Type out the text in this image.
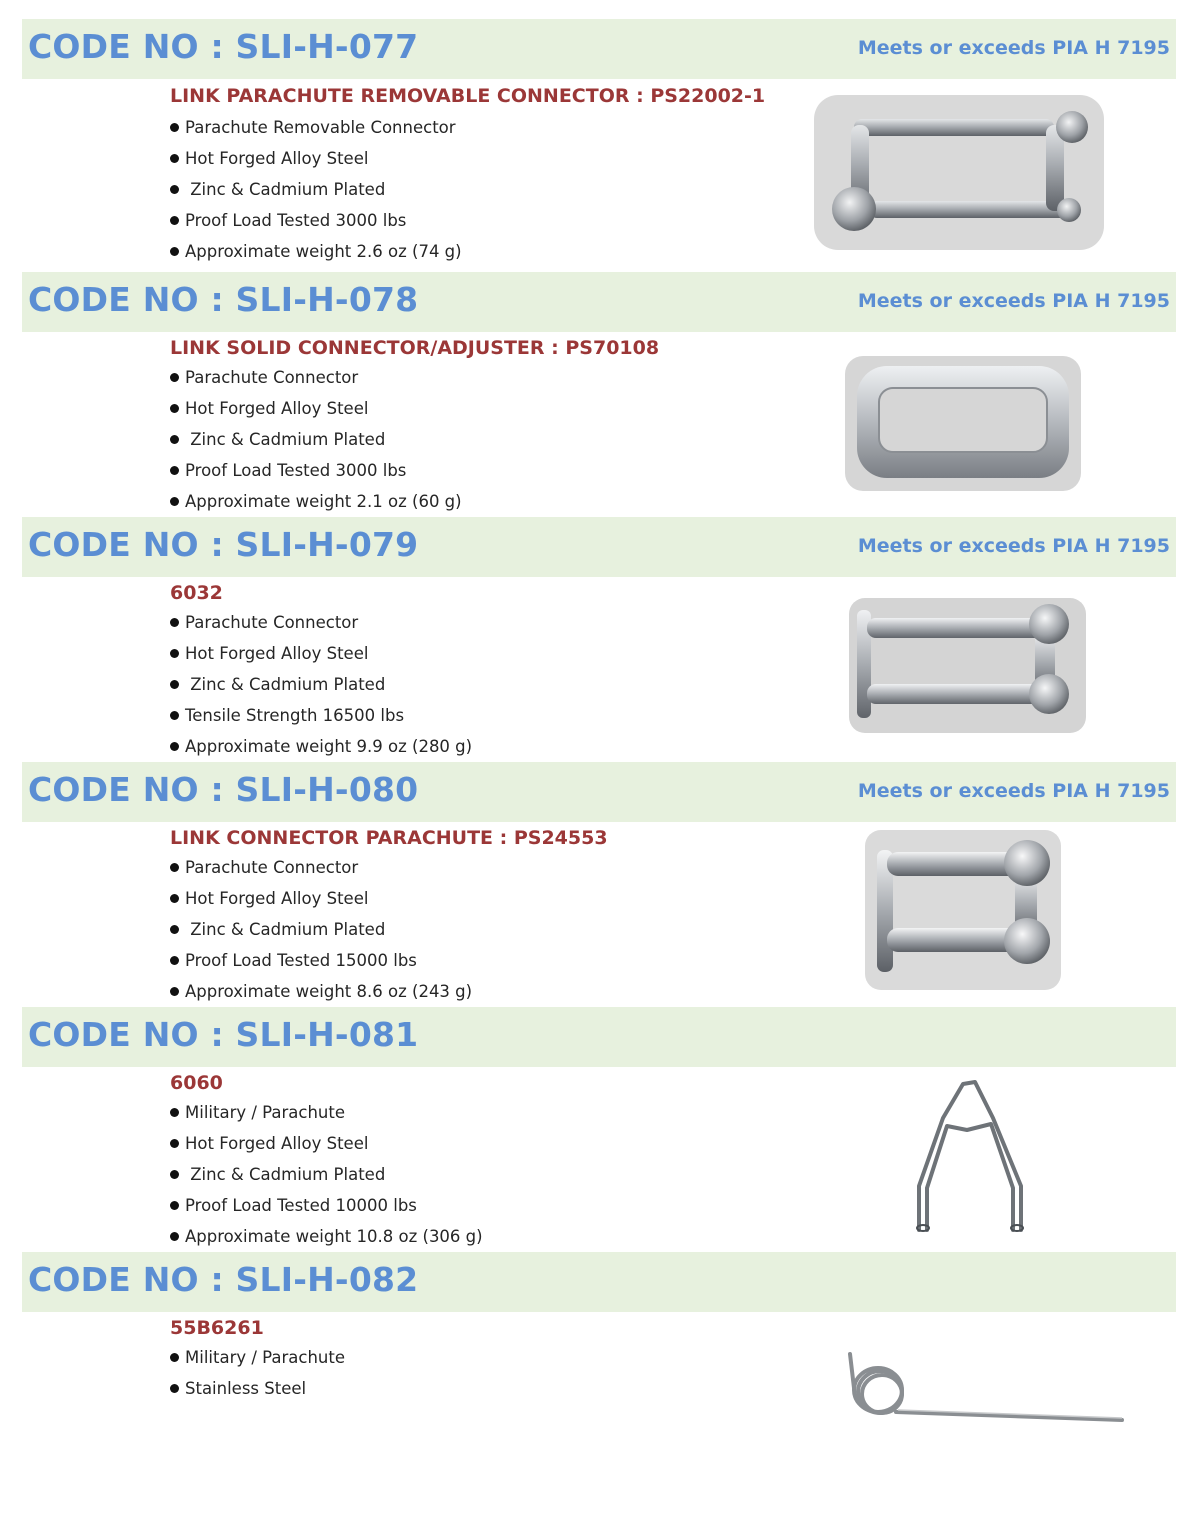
CODE NO : SLI-H-077	Meets or exceeds PIA H 7195
LINK PARACHUTE REMOVABLE CONNECTOR : PS22002-1
Parachute Removable Connector
Hot Forged Alloy Steel
Zinc & Cadmium Plated
Proof Load Tested 3000 lbs
Approximate weight 2.6 oz (74 g)
CODE NO : SLI-H-078	Meets or exceeds PIA H 7195
LINK SOLID CONNECTOR/ADJUSTER : PS70108
Parachute Connector
Hot Forged Alloy Steel
Zinc & Cadmium Plated
Proof Load Tested 3000 lbs
Approximate weight 2.1 oz (60 g)
CODE NO : SLI-H-079	Meets or exceeds PIA H 7195
6032
Parachute Connector
Hot Forged Alloy Steel
Zinc & Cadmium Plated
Tensile Strength 16500 lbs
Approximate weight 9.9 oz (280 g)
CODE NO : SLI-H-080	Meets or exceeds PIA H 7195
LINK CONNECTOR PARACHUTE : PS24553
Parachute Connector
Hot Forged Alloy Steel
Zinc & Cadmium Plated
Proof Load Tested 15000 lbs
Approximate weight 8.6 oz (243 g)
CODE NO : SLI-H-081
6060
Military / Parachute
Hot Forged Alloy Steel
Zinc & Cadmium Plated
Proof Load Tested 10000 lbs
Approximate weight 10.8 oz (306 g)
CODE NO : SLI-H-082
55B6261
Military / Parachute
Stainless Steel
